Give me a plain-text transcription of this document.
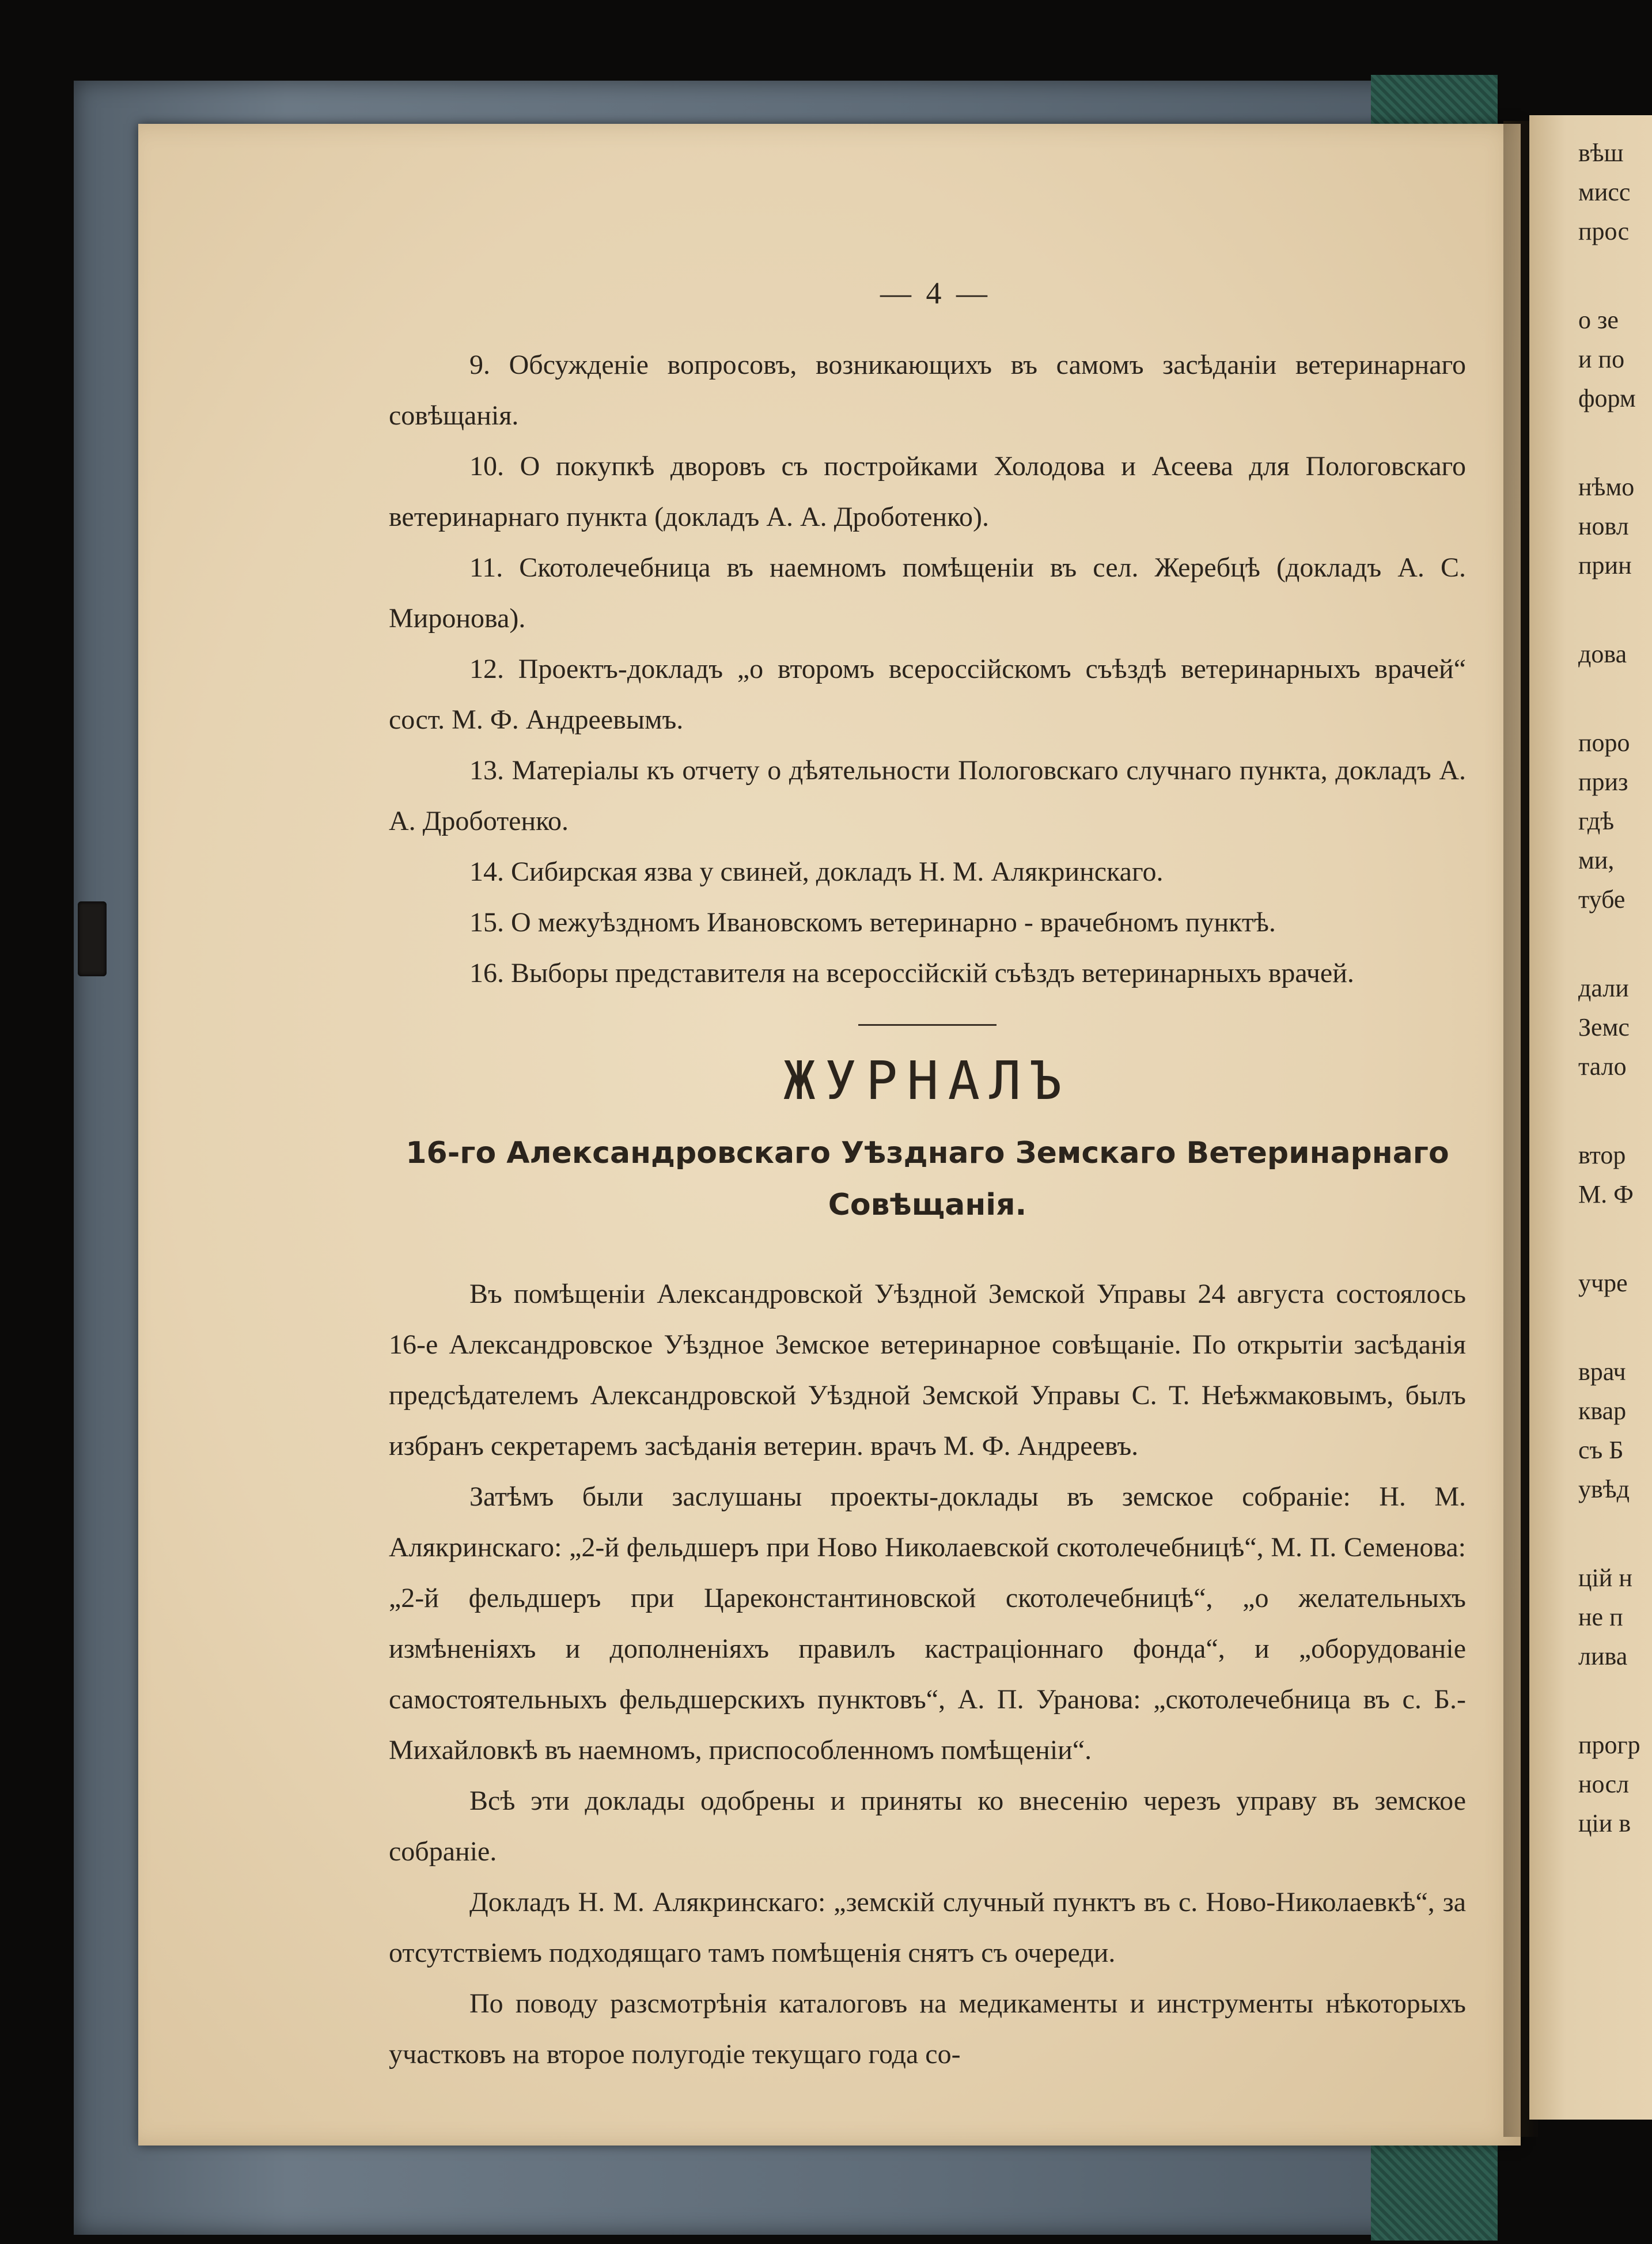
вѣш
мисс
прос
о зе
и по
форм
нѣмо
новл
прин
дова
поро
приз
гдѣ
ми,
тубе
дали
Земс
тало
втор
М. Ф
учре
врач
квар
съ Б
увѣд
цій н
не п
лива
прогр
носл
ціи в
— 4 —

9. Обсужденіе вопросовъ, возникающихъ въ самомъ засѣданіи ветеринарнаго совѣщанія.

10. О покупкѣ дворовъ съ постройками Холодова и Асеева для Пологовскаго ветеринарнаго пункта (докладъ А. А. Дроботенко).

11. Скотолечебница въ наемномъ помѣщеніи въ сел. Жеребцѣ (докладъ А. С. Миронова).

12. Проектъ-докладъ „о второмъ всероссійскомъ съѣздѣ ветеринарныхъ врачей“ сост. М. Ф. Андреевымъ.

13. Матеріалы къ отчету о дѣятельности Пологовскаго случнаго пункта, докладъ А. А. Дроботенко.

14. Сибирская язва у свиней, докладъ Н. М. Алякринскаго.

15. О межуѣздномъ Ивановскомъ ветеринарно - врачебномъ пунктѣ.

16. Выборы представителя на всероссійскій съѣздъ ветеринарныхъ врачей.

ЖУРНАЛЪ
16-го Александровскаго Уѣзднаго Земскаго Ветеринарнаго Совѣщанія.

Въ помѣщеніи Александровской Уѣздной Земской Управы 24 августа состоялось 16-е Александровское Уѣздное Земское ветеринарное совѣщаніе. По открытіи засѣданія предсѣдателемъ Александровской Уѣздной Земской Управы С. Т. Неѣжмаковымъ, былъ избранъ секретаремъ засѣданія ветерин. врачъ М. Ф. Андреевъ.

Затѣмъ были заслушаны проекты-доклады въ земское собраніе: Н. М. Алякринскаго: „2-й фельдшеръ при Ново Николаевской скотолечебницѣ“, М. П. Семенова: „2-й фельдшеръ при Цареконстантиновской скотолечебницѣ“, „о желательныхъ измѣненіяхъ и дополненіяхъ правилъ кастраціоннаго фонда“, и „оборудованіе самостоятельныхъ фельдшерскихъ пунктовъ“, А. П. Уранова: „скотолечебница въ с. Б.-Михайловкѣ въ наемномъ, приспособленномъ помѣщеніи“.

Всѣ эти доклады одобрены и приняты ко внесенію черезъ управу въ земское собраніе.

Докладъ Н. М. Алякринскаго: „земскій случный пунктъ въ с. Ново-Николаевкѣ“, за отсутствіемъ подходящаго тамъ помѣщенія снятъ съ очереди.

По поводу разсмотрѣнія каталоговъ на медикаменты и инструменты нѣкоторыхъ участковъ на второе полугодіе текущаго года со-
